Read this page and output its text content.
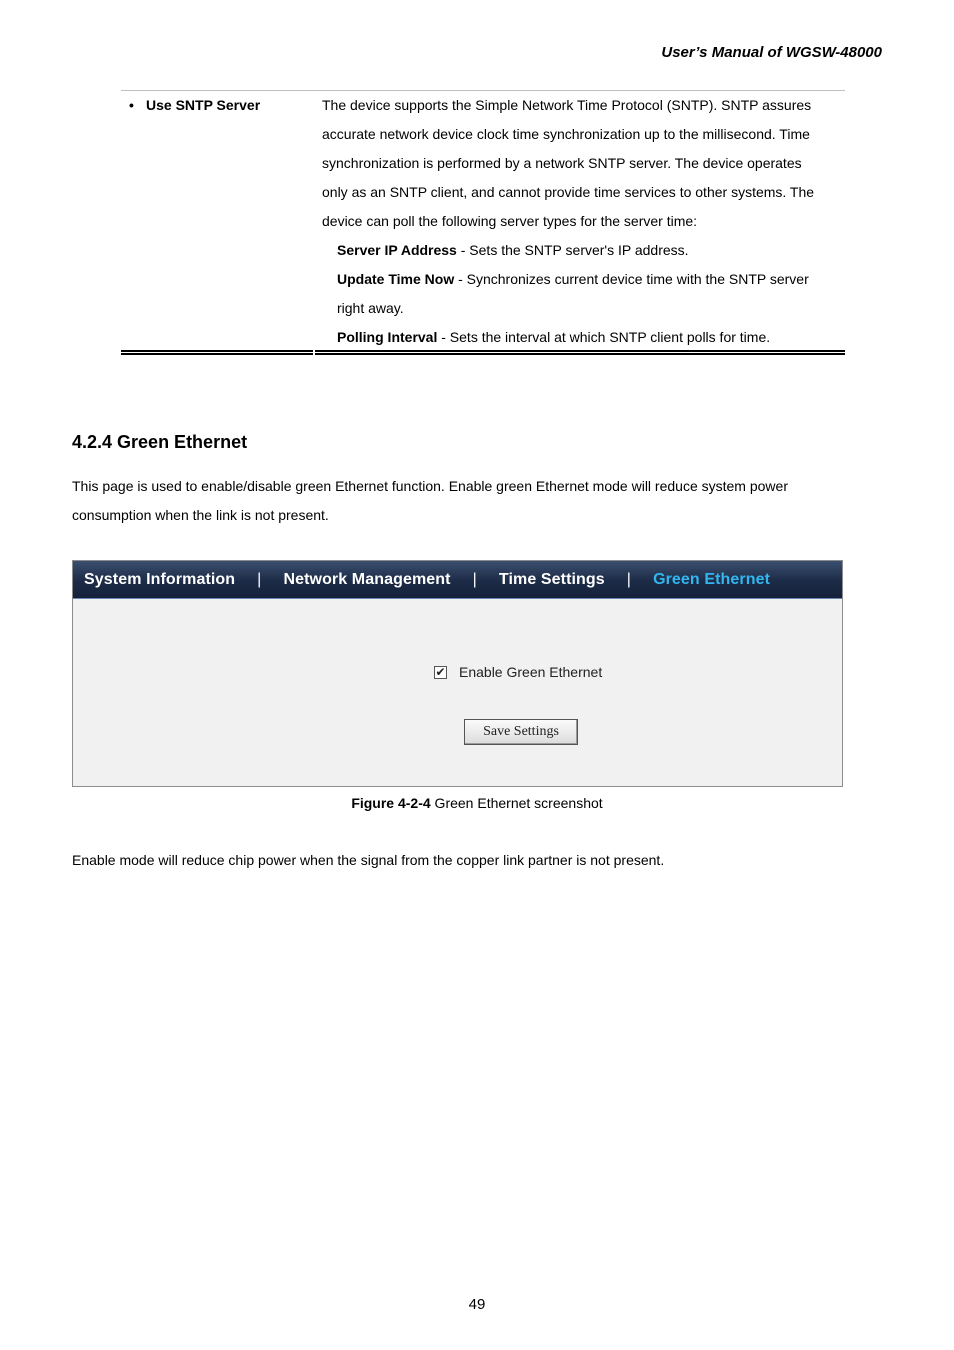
User’s Manual of WGSW-48000
• Use SNTP Server	The device supports the Simple Network Time Protocol (SNTP). SNTP assures
accurate network device clock time synchronization up to the millisecond. Time
synchronization is performed by a network SNTP server. The device operates
only as an SNTP client, and cannot provide time services to other systems. The
device can poll the following server types for the server time:
Server IP Address - Sets the SNTP server's IP address.
Update Time Now - Synchronizes current device time with the SNTP server
right away.
Polling Interval - Sets the interval at which SNTP client polls for time.
4.2.4 Green Ethernet
This page is used to enable/disable green Ethernet function. Enable green Ethernet mode will reduce system power
consumption when the link is not present.
System Information	|	Network Management	|	Time Settings	|	Green Ethernet
✔ Enable Green Ethernet
Save Settings
Figure 4-2-4 Green Ethernet screenshot
Enable mode will reduce chip power when the signal from the copper link partner is not present.
49
